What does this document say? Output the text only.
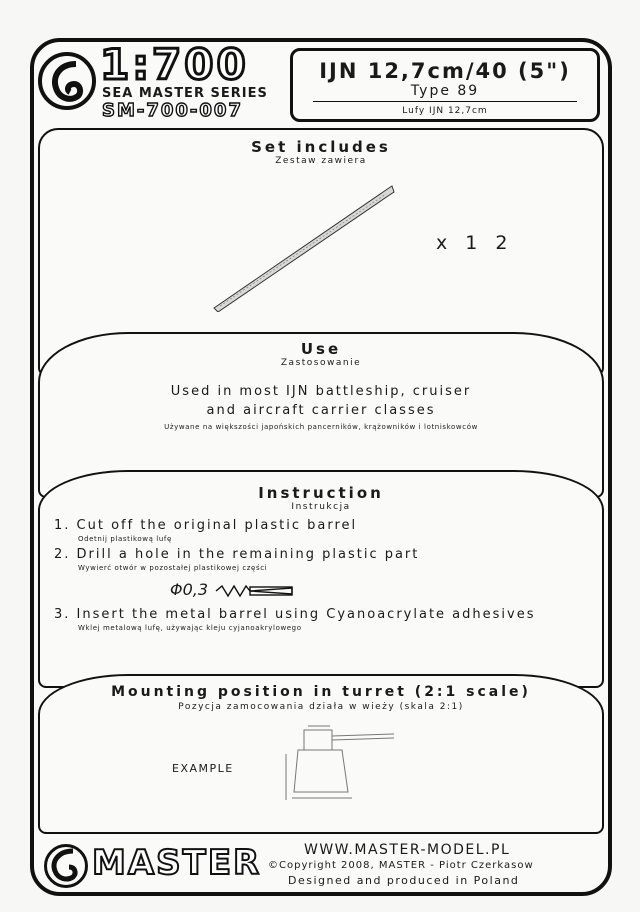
1:700
SEA MASTER SERIES
SM-700-007
IJN 12,7cm/40 (5")
Type 89
Lufy IJN 12,7cm
Set includes
Zestaw zawiera
x 1 2
Use
Zastosowanie
Used in most IJN battleship, cruiser
and aircraft carrier classes
Używane na większości japońskich pancerników, krążowników i lotniskowców
Instruction
Instrukcja
1. Cut off the original plastic barrel
Odetnij plastikową lufę
2. Drill a hole in the remaining plastic part
Wywierć otwór w pozostałej plastikowej części
Φ0,3
3. Insert the metal barrel using Cyanoacrylate adhesives
Wklej metalową lufę, używając kleju cyjanoakrylowego
Mounting position in turret (2:1 scale)
Pozycja zamocowania działa w wieży (skala 2:1)
EXAMPLE
MASTER	WWW.MASTER-MODEL.PL
©Copyright 2008, MASTER - Piotr Czerkasow
Designed and produced in Poland
